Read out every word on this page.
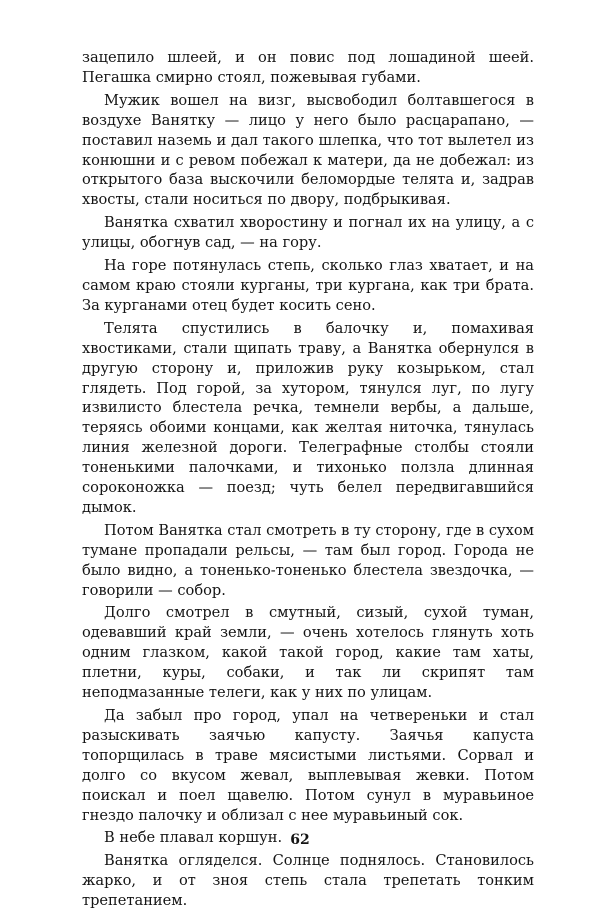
зацепило шлеей, и он повис под лошадиной шеей. Пегашка смирно стоял, пожевывая губами.

Мужик вошел на визг, высвободил болтавшегося в воздухе Ванятку — лицо у него было расцарапано, — поставил наземь и дал такого шлепка, что тот вылетел из конюшни и с ревом побежал к матери, да не добежал: из открытого база выскочили беломордые телята и, задрав хвосты, стали носиться по двору, подбрыкивая.

Ванятка схватил хворостину и погнал их на улицу, а с улицы, обогнув сад, — на гору.

На горе потянулась степь, сколько глаз хватает, и на самом краю стояли курганы, три кургана, как три брата. За курганами отец будет косить сено.

Телята спустились в балочку и, помахивая хвостиками, стали щипать траву, а Ванятка обернулся в другую сторону и, приложив руку козырьком, стал глядеть. Под горой, за хутором, тянулся луг, по лугу извилисто блестела речка, темнели вербы, а дальше, теряясь обоими концами, как желтая ниточка, тянулась линия железной дороги. Телеграфные столбы стояли тоненькими палочками, и тихонько ползла длинная сороконожка — поезд; чуть белел передвигавшийся дымок.

Потом Ванятка стал смотреть в ту сторону, где в сухом тумане пропадали рельсы, — там был город. Города не было видно, а тоненько-тоненько блестела звездочка, — говорили — собор.

Долго смотрел в смутный, сизый, сухой туман, одевавший край земли, — очень хотелось глянуть хоть одним глазком, какой такой город, какие там хаты, плетни, куры, собаки, и так ли скрипят там неподмазанные телеги, как у них по улицам.

Да забыл про город, упал на четвереньки и стал разыскивать заячью капусту. Заячья капуста топорщилась в траве мясистыми листьями. Сорвал и долго со вкусом жевал, выплевывая жевки. Потом поискал и поел щавелю. Потом сунул в муравьиное гнездо палочку и облизал с нее муравьиный сок.

В небе плавал коршун.

Ванятка огляделся. Солнце поднялось. Становилось жарко, и от зноя степь стала трепетать тонким трепетанием.

62
